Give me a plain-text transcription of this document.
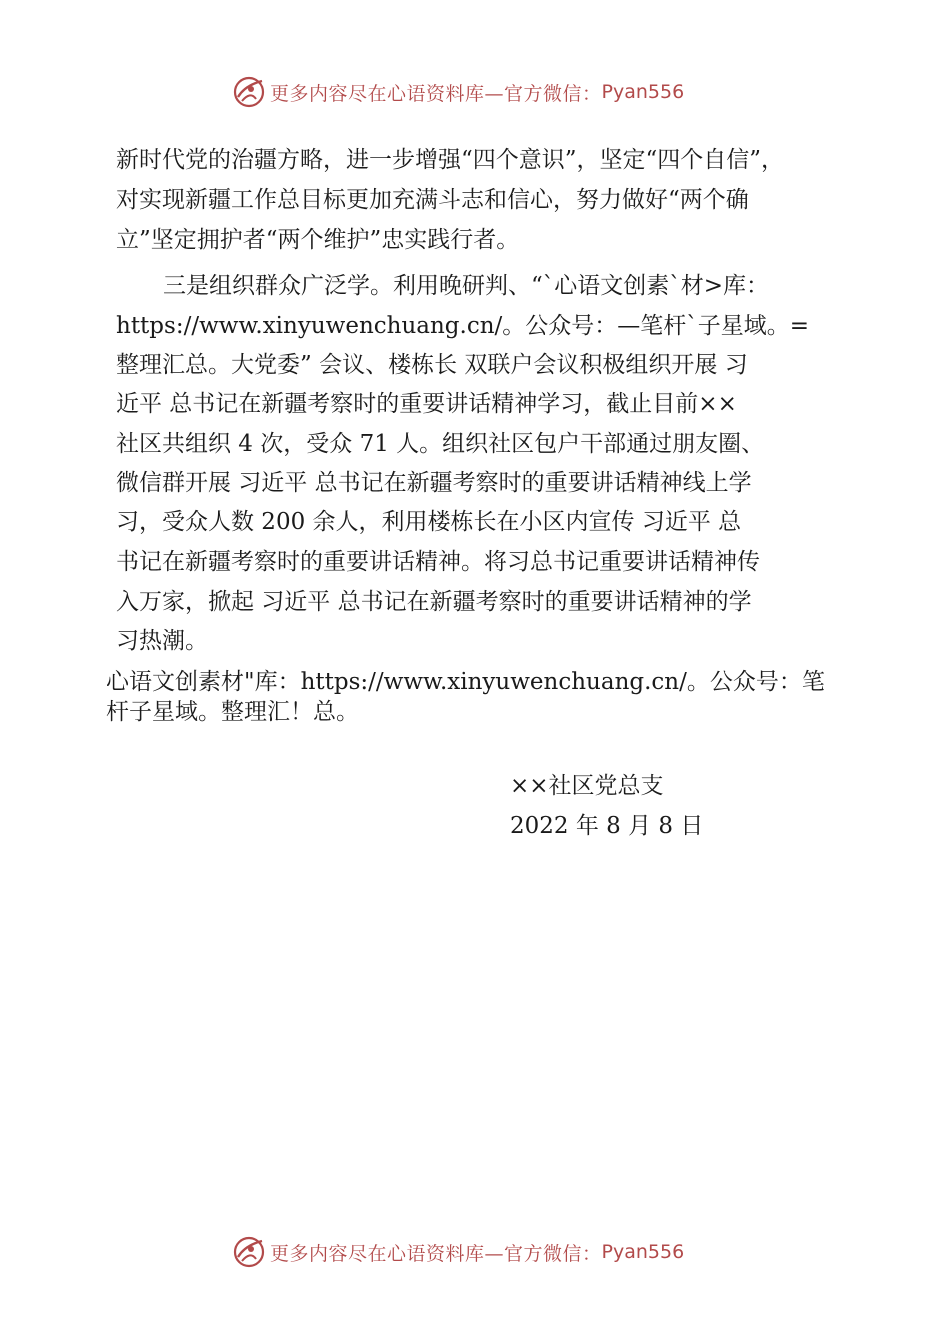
更多内容尽在心语资料库—官方微信： Pyan556
新时代党的治疆方略，进一步增强“四个意识”，坚定“四个自信”，
对实现新疆工作总目标更加充满斗志和信心，努力做好“两个确
立”坚定拥护者“两个维护”忠实践行者。
三是组织群众广泛学。利用晚研判、“`心语文创素`材>库：
https://www.xinyuwenchuang.cn/。公众号：—笔杆`子星域。=
整理汇总。大党委” 会议、楼栋长 双联户会议积极组织开展 习
近平 总书记在新疆考察时的重要讲话精神学习，截止目前××
社区共组织 4 次，受众 71 人。组织社区包户干部通过朋友圈、
微信群开展 习近平 总书记在新疆考察时的重要讲话精神线上学
习，受众人数 200 余人，利用楼栋长在小区内宣传 习近平 总
书记在新疆考察时的重要讲话精神。将习总书记重要讲话精神传
入万家，掀起 习近平 总书记在新疆考察时的重要讲话精神的学
习热潮。
心语文创素材"库：https://www.xinyuwenchuang.cn/。公众号：笔
杆子星域。整理汇！总。
××社区党总支
2022 年 8 月 8 日
更多内容尽在心语资料库—官方微信： Pyan556
